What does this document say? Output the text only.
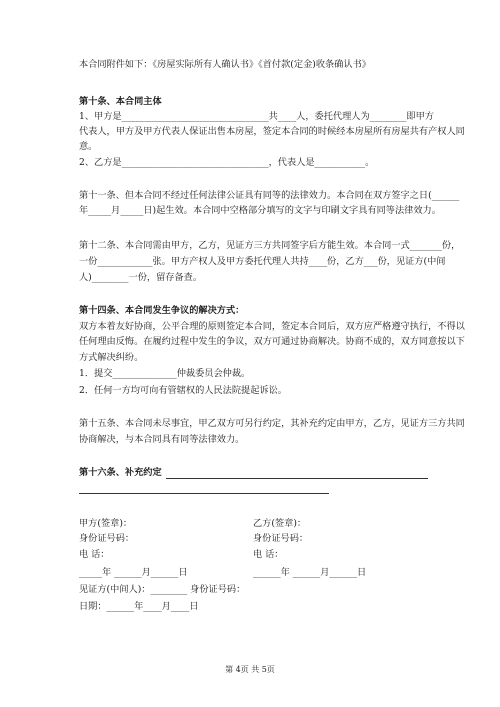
本合同附件如下：《房屋实际所有人确认书》《首付款(定金)收条确认书》
第十条、本合同主体
1、甲方是________________________________共____人，委托代理人为________即甲方
代表人，甲方及甲方代表人保证出售本房屋，签定本合同的时候经本房屋所有房屋共有产权人同
意。
2、乙方是________________________________，代表人是___________。
第十一条、但本合同不经过任何法律公证具有同等的法律效力。本合同在双方签字之日(______
年_____月_____日)起生效。本合同中空格部分填写的文字与印刷文字具有同等法律效力。
第十二条、本合同需由甲方，乙方，见证方三方共同签字后方能生效。本合同一式_______份，
一份____________张。甲方产权人及甲方委托代理人共持____份，乙方___份，见证方(中间
人)________一份，留存备查。
第十四条、本合同发生争议的解决方式：
双方本着友好协商，公平合理的原则签定本合同，签定本合同后，双方应严格遵守执行，不得以
任何理由反悔。在履约过程中发生的争议，双方可通过协商解决。协商不成的，双方同意按以下
方式解决纠纷。
1．提交______________仲裁委员会仲裁。
2．任何一方均可向有管辖权的人民法院提起诉讼。
第十五条、本合同未尽事宜，甲乙双方可另行约定，其补充约定由甲方，乙方，见证方三方共同
协商解决，与本合同具有同等法律效力。
第十六条、补充约定
甲方(签章)：	乙方(签章)：
身份证号码：	身份证号码：
电 话：	电 话：
_____年 ______月______日	______年 ______月______日
见证方(中间人)：________ 身份证号码：
日期：______年____月____日
第 4页 共 5页
